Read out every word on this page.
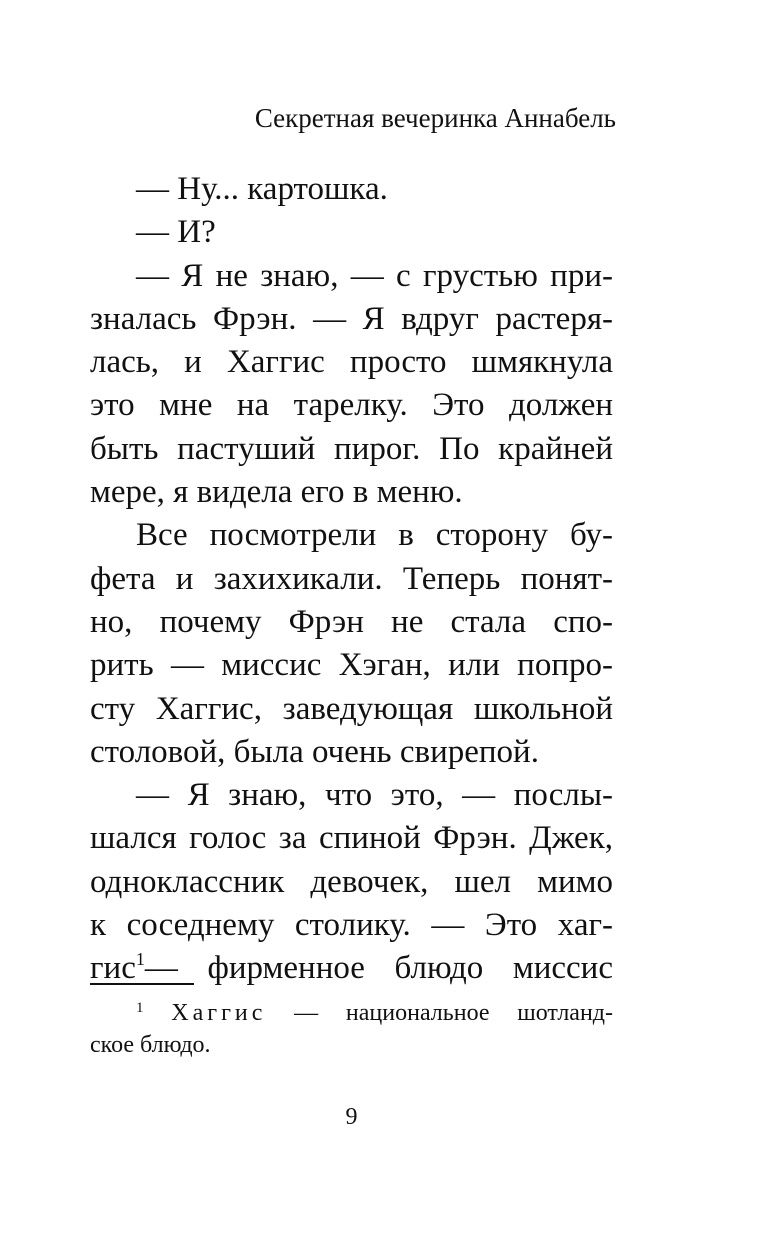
Секретная вечеринка Аннабель
— Ну... картошка.
— И?
— Я не знаю, — с грустью при-
зналась Фрэн. — Я вдруг растеря-
лась, и Хаггис просто шмякнула
это мне на тарелку. Это должен
быть пастуший пирог. По крайней
мере, я видела его в меню.
Все посмотрели в сторону бу-
фета и захихикали. Теперь понят-
но, почему Фрэн не стала спо-
рить — миссис Хэган, или попро-
сту Хаггис, заведующая школьной
столовой, была очень свирепой.
— Я знаю, что это, — послы-
шался голос за спиной Фрэн. Джек,
одноклассник девочек, шел мимо
к соседнему столику. — Это хаг-
гис$^1$— фирменное блюдо миссис
$^1$ Хаггис — национальное шотланд-
ское блюдо.
9
